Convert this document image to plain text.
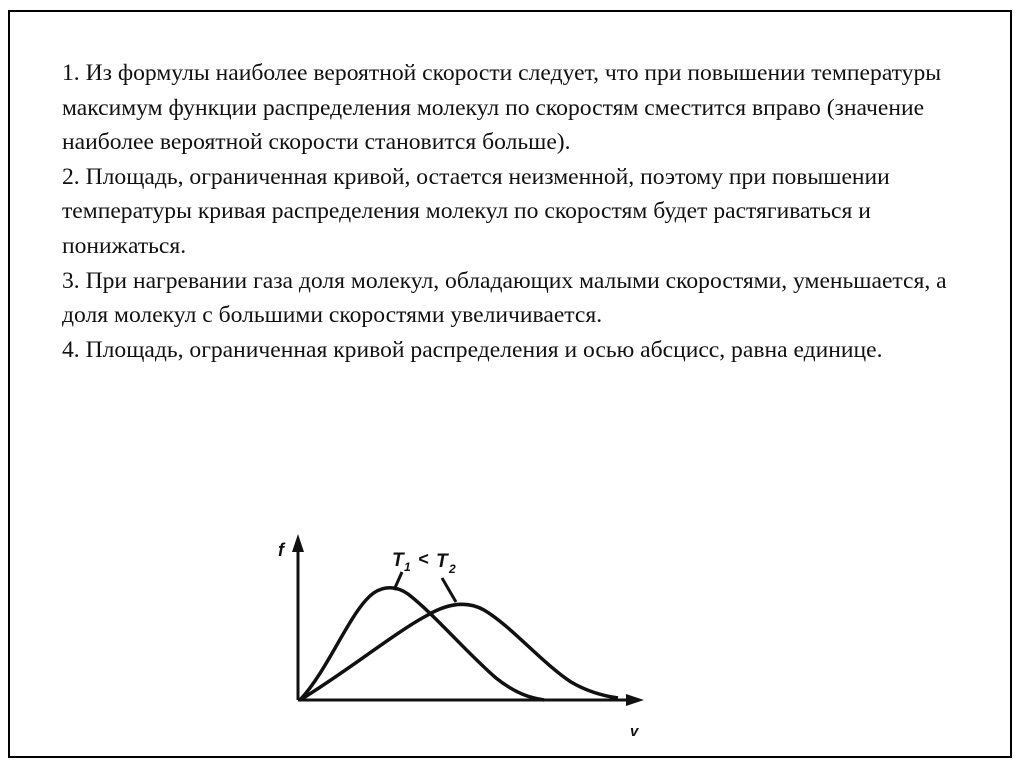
1. Из формулы наиболее вероятной скорости следует, что при повышении температуры максимум функции распределения молекул по скоростям сместится вправо (значение наиболее вероятной скорости становится больше).

2. Площадь, ограниченная кривой, остается неизменной, поэтому при повышении температуры кривая распределения молекул по скоростям будет растягиваться и понижаться.

3. При нагревании газа доля молекул, обладающих малыми скоростями, уменьшается, а доля молекул с большими скоростями увеличивается.

4. Площадь, ограниченная кривой распределения и осью абсцисс, равна единице.

f
v
T 1 < T 2
